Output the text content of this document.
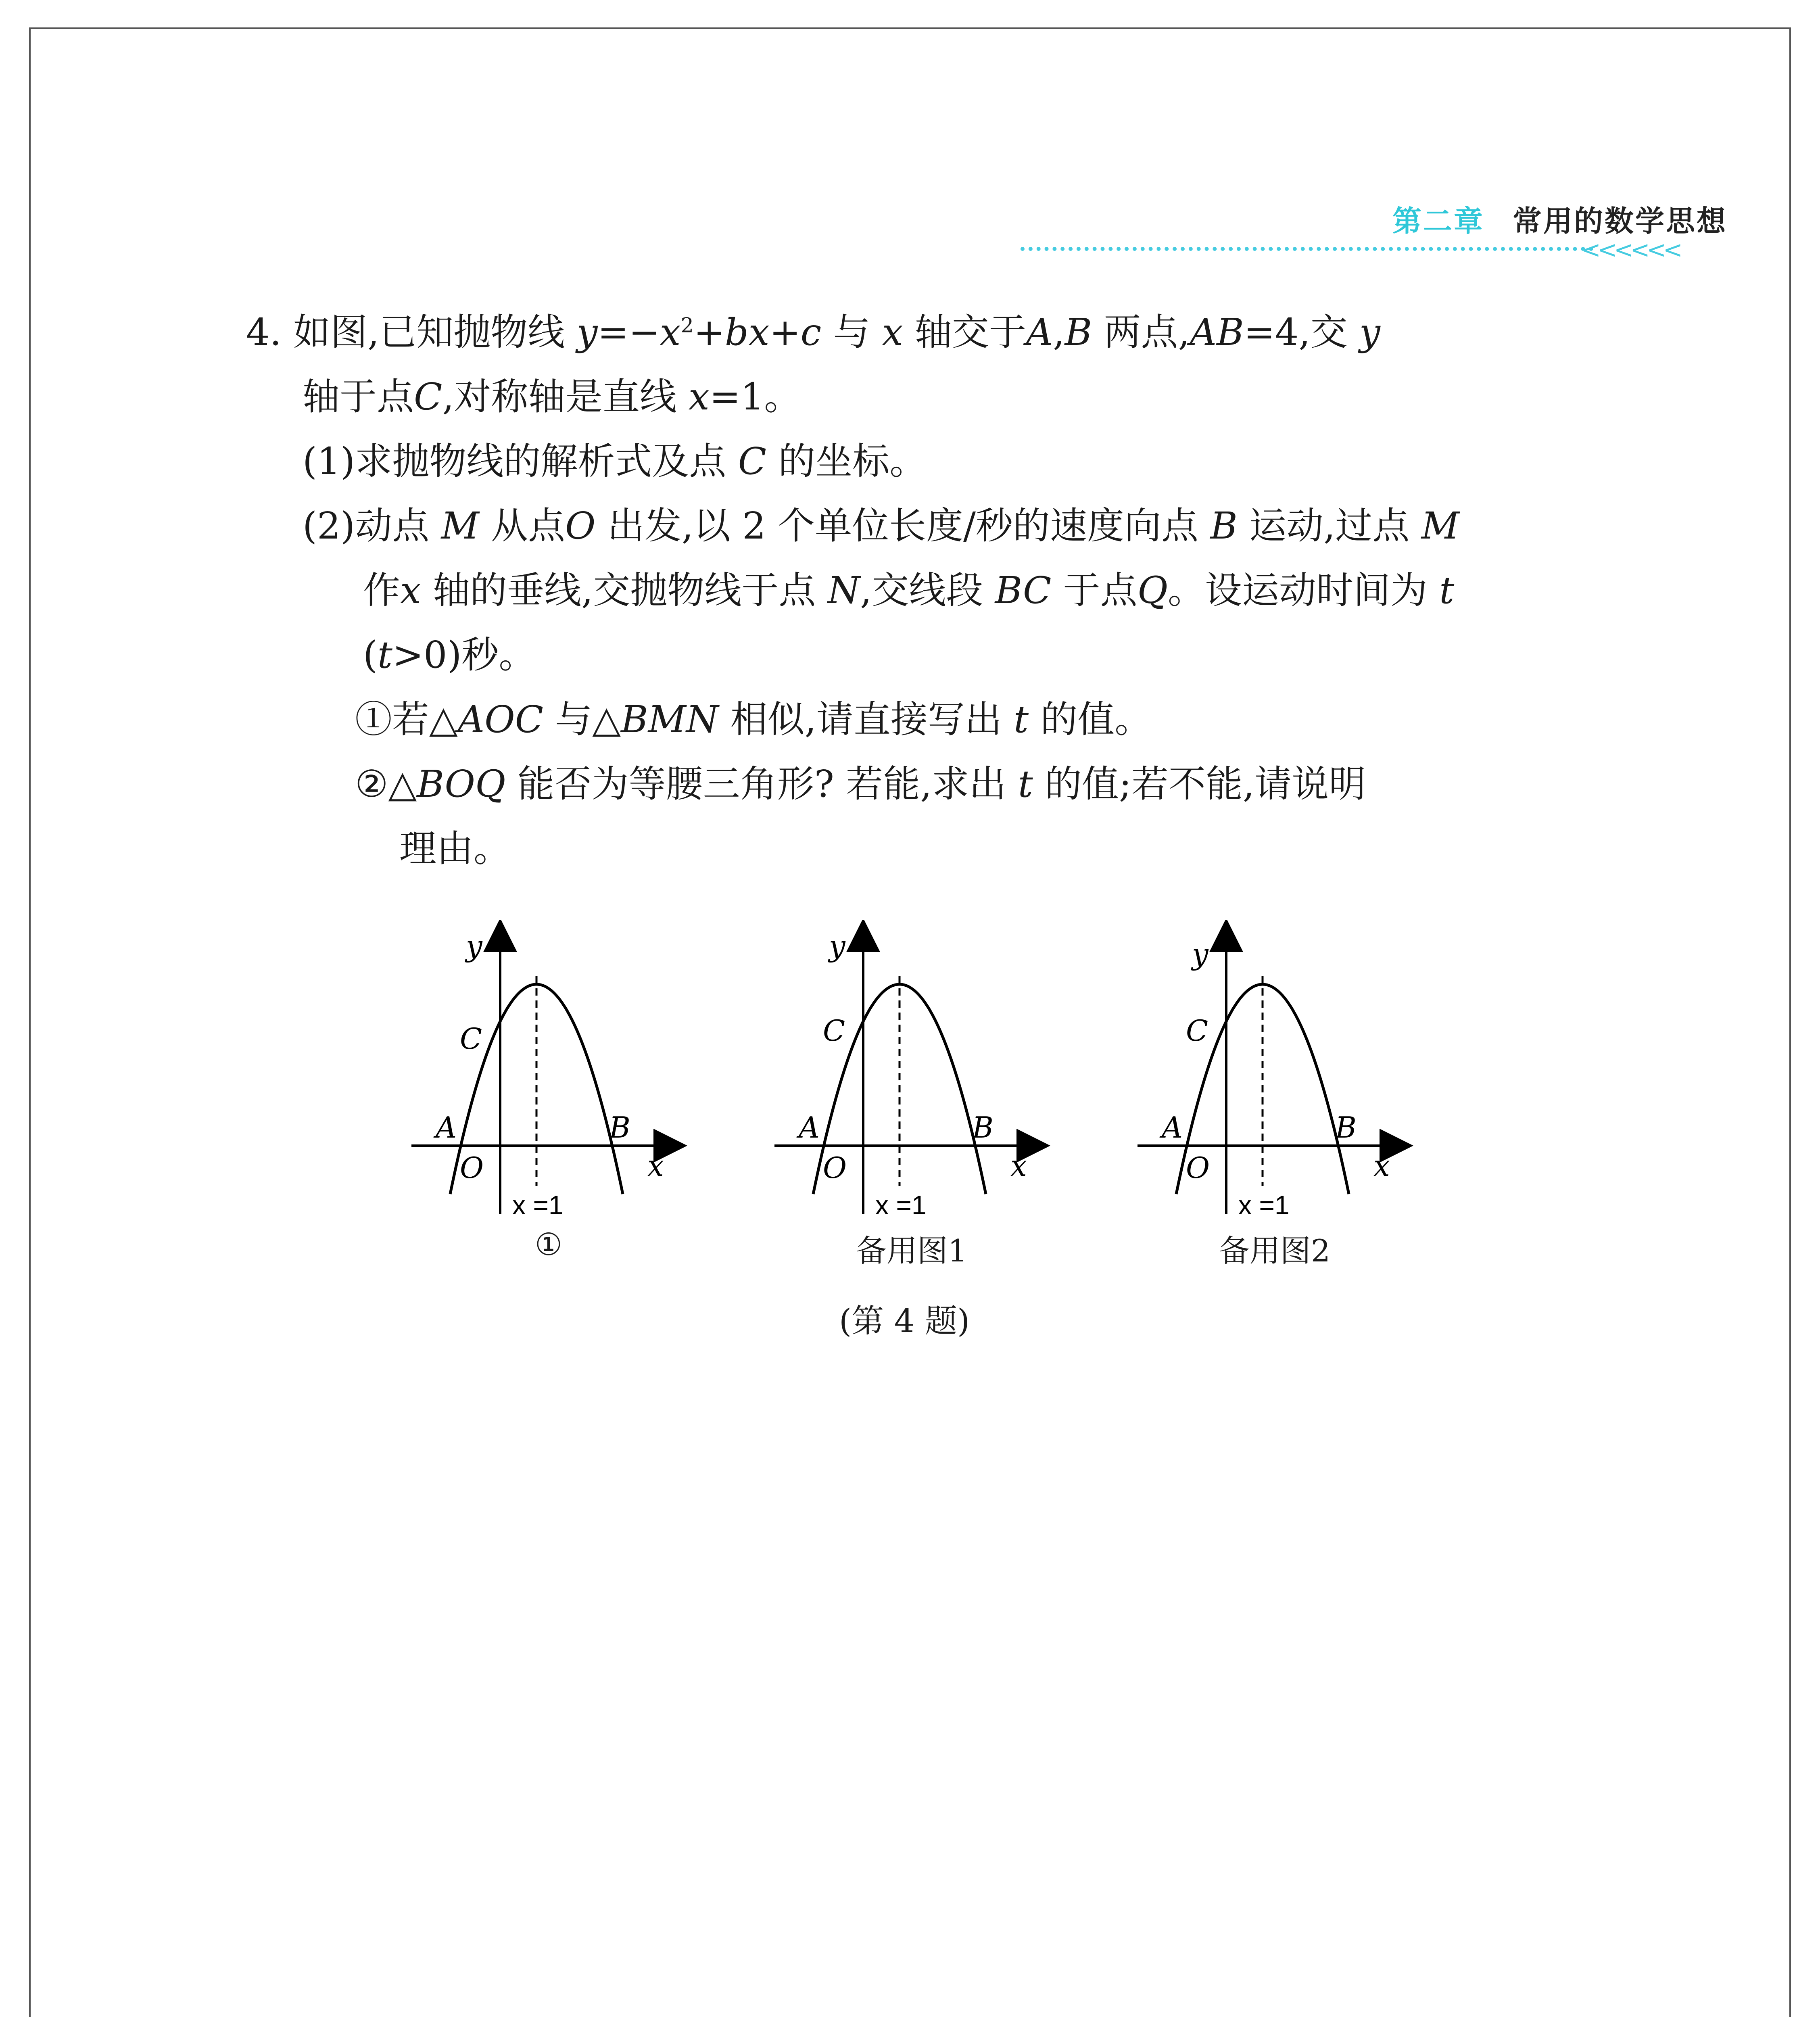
第二章 常用的数学思想
<<<<<<
4. 如图,已知抛物线 $y=-x^2+bx+c$ 与 x 轴交于A,B 两点,AB=4,交 y
轴于点C,对称轴是直线 x=1。
(1)求抛物线的解析式及点 C 的坐标。
(2)动点 M 从点O 出发,以 2 个单位长度/秒的速度向点 B 运动,过点 M
作x 轴的垂线,交抛物线于点 N,交线段 BC 于点Q。设运动时间为 t
(t>0)秒。
①若△AOC 与△BMN 相似,请直接写出 t 的值。
②△BOQ 能否为等腰三角形? 若能,求出 t 的值;若不能,请说明
理由。
y
C
A	B
O	x
x =1
①
y
C
A	B
O	x
x =1
备用图1
y
C
A	B
O	x
x =1
备用图2
(第 4 题)
